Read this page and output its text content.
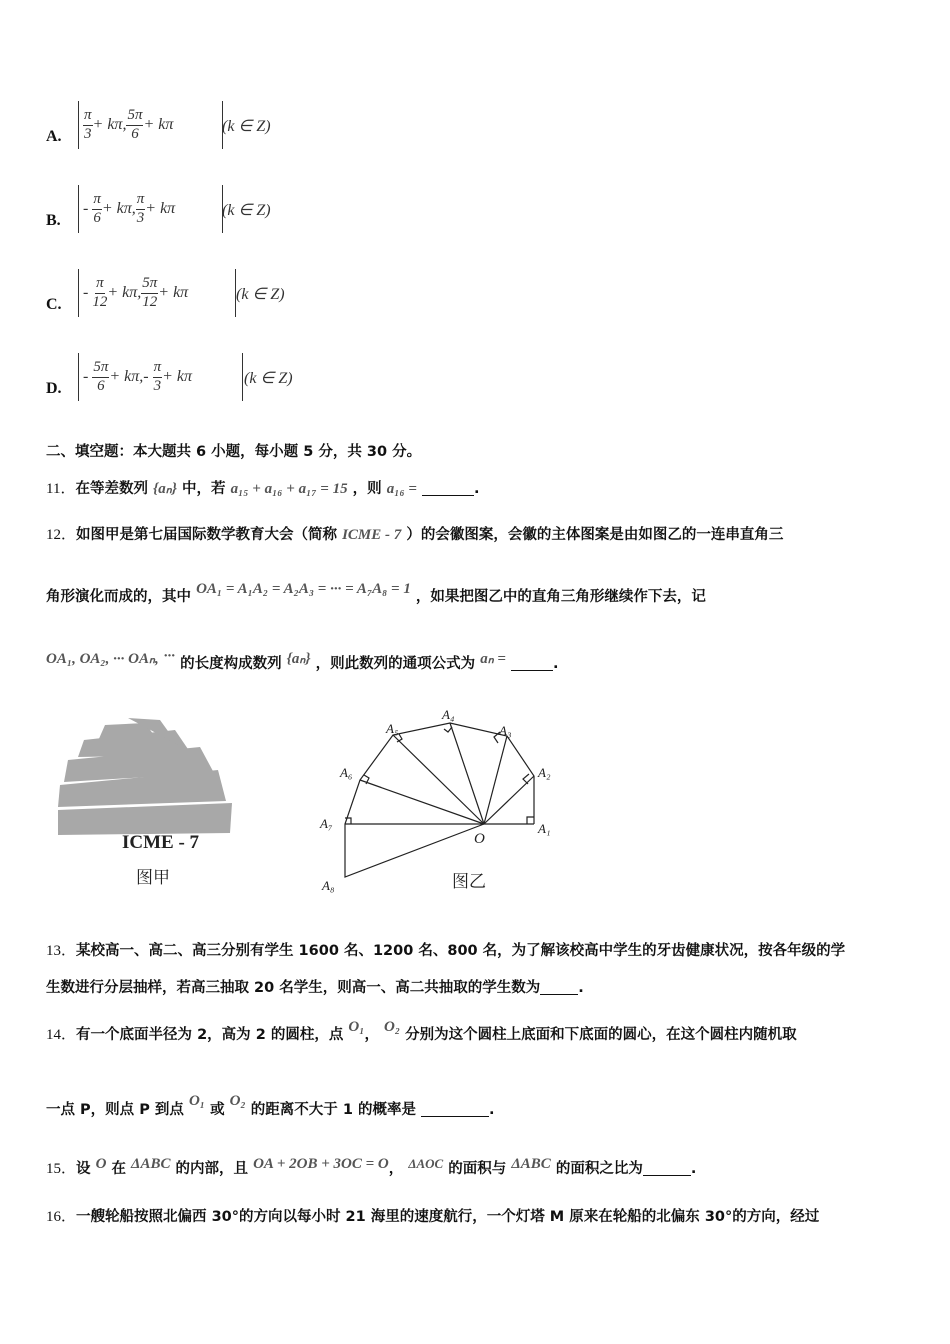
A. $\frac{\pi}{3} + k\pi$ , $\frac{5\pi}{6} + k\pi$	(k ∈ Z)
B.
-
$\frac{\pi}{6} + k\pi$ , $\frac{\pi}{3} + k\pi$	(k ∈ Z)
C.
-
$\frac{\pi}{12} + k\pi$ , $\frac{5\pi}{12} + k\pi$	(k ∈ Z)
D.
-
$\frac{5\pi}{6} + k\pi$ , -
$\frac{\pi}{3} + k\pi$	(k ∈ Z)
二、填空题：本大题共 6 小题，每小题 5 分，共 30 分。
11．在等差数列 {aₙ} 中，若 a₁₅ + a₁₆ + a₁₇ = 15 ，则 a₁₆ =	.
12．如图甲是第七届国际数学教育大会（简称 ICME - 7 ）的会徽图案，会徽的主体图案是由如图乙的一连串直角三
角形演化而成的，其中 OA₁ = A₁A₂ = A₂A₃ = ··· = A₇A₈ = 1 ，如果把图乙中的直角三角形继续作下去，记
OA₁, OA₂, ··· OAₙ, ··· 的长度构成数列 {aₙ} ，则此数列的通项公式为 aₙ =	.
ICME - 7
图甲
O
A₁
A₂
A₃
A₄
A₅
A₆
A₇
A₈	图乙
13．某校高一、高二、高三分别有学生 1600 名、1200 名、800 名，为了解该校高中学生的牙齿健康状况，按各年级的学
生数进行分层抽样，若高三抽取 20 名学生，则高一、高二共抽取的学生数为	.
14．有一个底面半径为 2，高为 2 的圆柱，点 O₁， O₂ 分别为这个圆柱上底面和下底面的圆心，在这个圆柱内随机取
一点 P，则点 P 到点 O₁ 或 O₂ 的距离不大于 1 的概率是	.
15．设 O 在 ΔABC 的内部，且 OA + 2OB + 3OC = O， ΔAOC 的面积与 ΔABC 的面积之比为	.
16．一艘轮船按照北偏西 30°的方向以每小时 21 海里的速度航行，一个灯塔 M 原来在轮船的北偏东 30°的方向，经过
